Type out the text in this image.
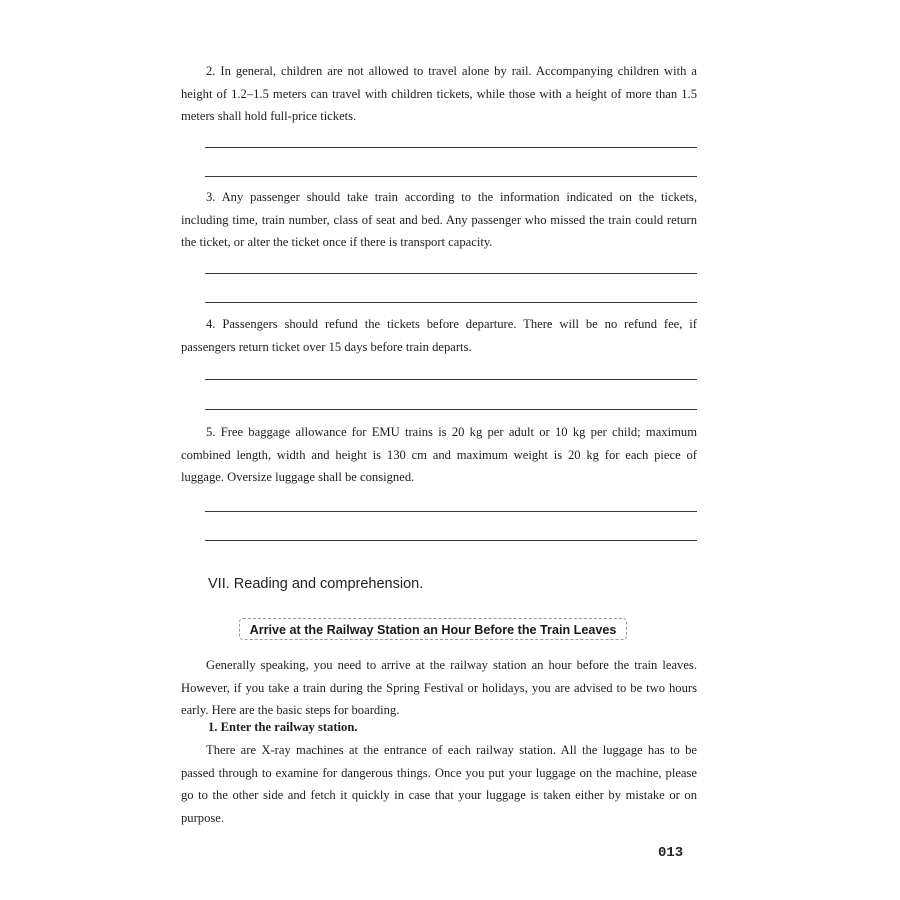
2. In general, children are not allowed to travel alone by rail. Accompanying children with a height of 1.2–1.5 meters can travel with children tickets, while those with a height of more than 1.5 meters shall hold full-price tickets.

3. Any passenger should take train according to the information indicated on the tickets, including time, train number, class of seat and bed. Any passenger who missed the train could return the ticket, or alter the ticket once if there is transport capacity.

4. Passengers should refund the tickets before departure. There will be no refund fee, if passengers return ticket over 15 days before train departs.

5. Free baggage allowance for EMU trains is 20 kg per adult or 10 kg per child; maximum combined length, width and height is 130 cm and maximum weight is 20 kg for each piece of luggage. Oversize luggage shall be consigned.

VII. Reading and comprehension.
Arrive at the Railway Station an Hour Before the Train Leaves

Generally speaking, you need to arrive at the railway station an hour before the train leaves. However, if you take a train during the Spring Festival or holidays, you are advised to be two hours early. Here are the basic steps for boarding.

1. Enter the railway station.

There are X-ray machines at the entrance of each railway station. All the luggage has to be passed through to examine for dangerous things. Once you put your luggage on the machine, please go to the other side and fetch it quickly in case that your luggage is taken either by mistake or on purpose.

013
